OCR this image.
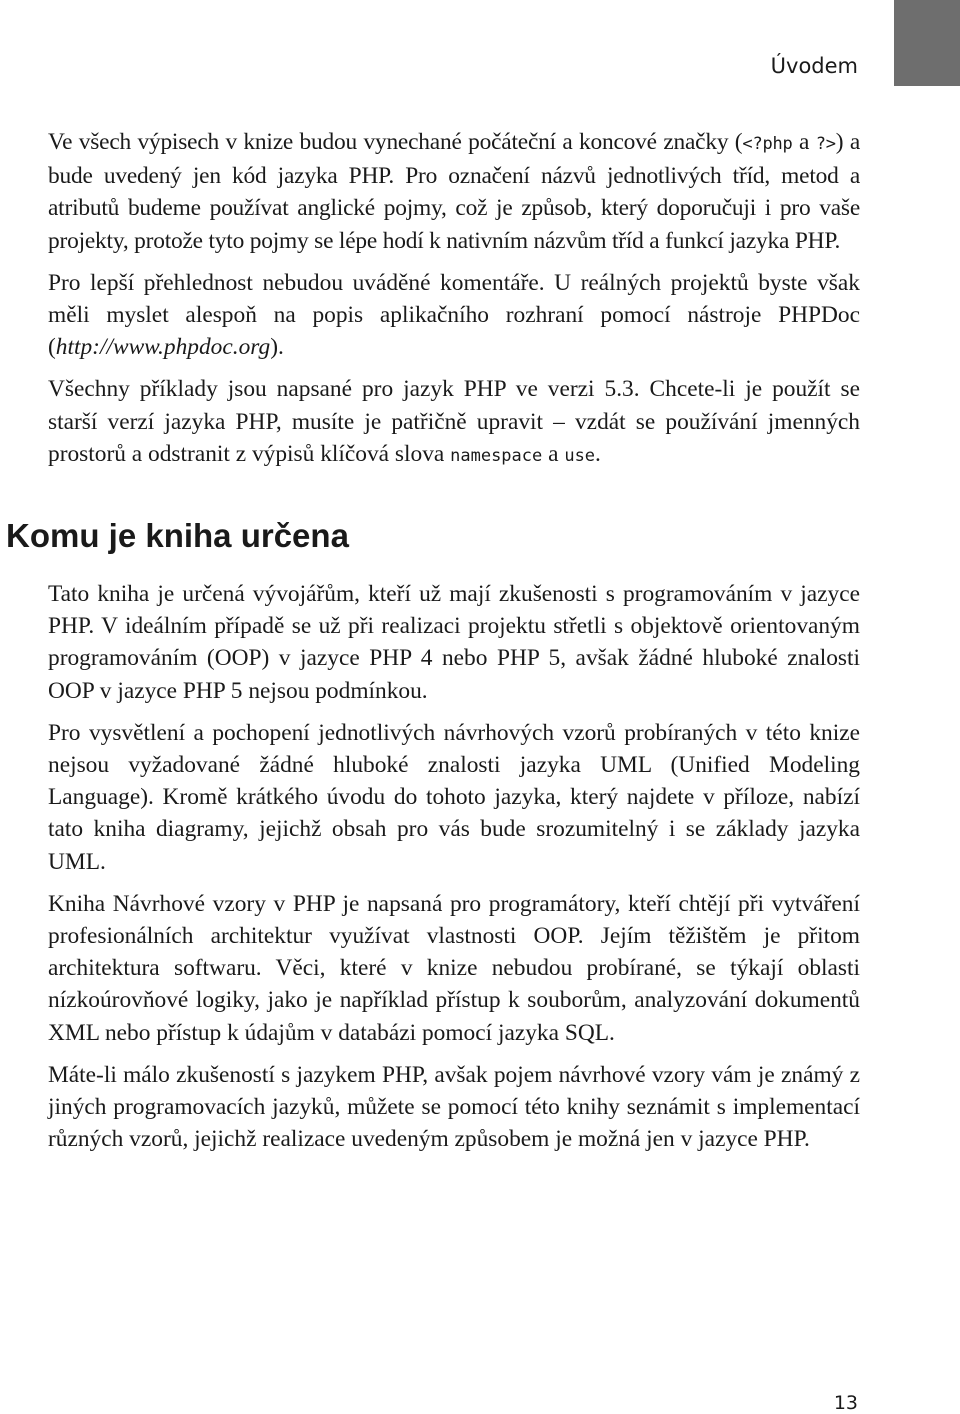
Úvodem

Ve všech výpisech v knize budou vynechané počáteční a koncové značky (<?php a ?>) a bude uvedený jen kód jazyka PHP. Pro označení názvů jednotlivých tříd, metod a atributů budeme používat anglické pojmy, což je způsob, který doporučuji i pro vaše projekty, protože tyto pojmy se lépe hodí k nativním názvům tříd a funkcí jazyka PHP.

Pro lepší přehlednost nebudou uváděné komentáře. U reálných projektů byste však měli myslet alespoň na popis aplikačního rozhraní pomocí nástroje PHPDoc (http://www.phpdoc.org).

Všechny příklady jsou napsané pro jazyk PHP ve verzi 5.3. Chcete-li je použít se starší verzí jazyka PHP, musíte je patřičně upravit – vzdát se používání jmenných prostorů a odstranit z výpisů klíčová slova namespace a use.

Komu je kniha určena

Tato kniha je určená vývojářům, kteří už mají zkušenosti s programováním v jazyce PHP. V ideálním případě se už při realizaci projektu střetli s objektově orientovaným programováním (OOP) v jazyce PHP 4 nebo PHP 5, avšak žádné hluboké znalosti OOP v jazyce PHP 5 nejsou podmínkou.

Pro vysvětlení a pochopení jednotlivých návrhových vzorů probíraných v této knize nejsou vyžadované žádné hluboké znalosti jazyka UML (Unified Modeling Language). Kromě krátkého úvodu do tohoto jazyka, který najdete v příloze, nabízí tato kniha diagramy, jejichž obsah pro vás bude srozumitelný i se základy jazyka UML.

Kniha Návrhové vzory v PHP je napsaná pro programátory, kteří chtějí při vytváření profesionálních architektur využívat vlastnosti OOP. Jejím těžištěm je přitom architektura softwaru. Věci, které v knize nebudou probírané, se týkají oblasti nízkoúrovňové logiky, jako je například přístup k souborům, analyzování dokumentů XML nebo přístup k údajům v databázi pomocí jazyka SQL.

Máte-li málo zkušeností s jazykem PHP, avšak pojem návrhové vzory vám je známý z jiných programovacích jazyků, můžete se pomocí této knihy seznámit s implementací různých vzorů, jejichž realizace uvedeným způsobem je možná jen v jazyce PHP.

13
